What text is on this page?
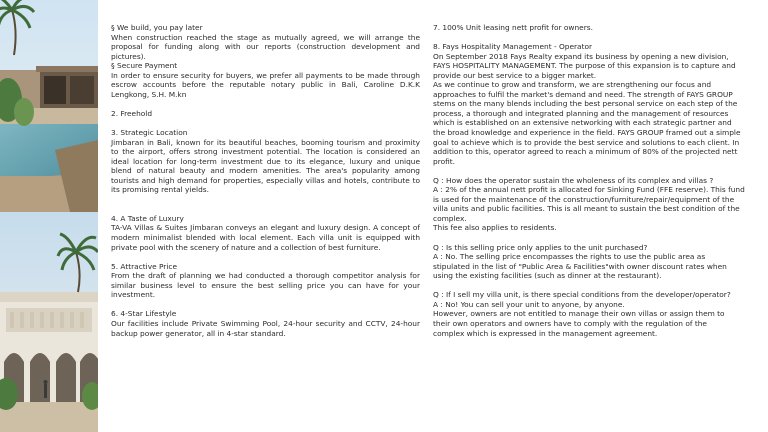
§ We build, you pay later

When construction reached the stage as mutually agreed, we will arrange the proposal for funding along with our reports (construction development and pictures).

§ Secure Payment

In order to ensure security for buyers, we prefer all payments to be made through escrow accounts before the reputable notary public in Bali, Caroline D.K.K Lengkong, S.H. M.kn

2. Freehold

3. Strategic Location

Jimbaran in Bali, known for its beautiful beaches, booming tourism and proximity to the airport, offers strong investment potential. The location is considered an ideal location for long-term investment due to its elegance, luxury and unique blend of natural beauty and modern amenities. The area's popularity among tourists and high demand for properties, especially villas and hotels, contribute to its promising rental yields.

4. A Taste of Luxury

TA-VA Villas & Suites Jimbaran conveys an elegant and luxury design. A concept of modern minimalist blended with local element. Each villa unit is equipped with private pool with the scenery of nature and a collection of best furniture.

5. Attractive Price

From the draft of planning we had conducted a thorough competitor analysis for similar business level to ensure the best selling price you can have for your investment.

6. 4-Star Lifestyle

Our facilities include Private Swimming Pool, 24-hour security and CCTV, 24-hour backup power generator, all in 4-star standard.

7. 100% Unit leasing nett profit for owners.

8. Fays Hospitality Management - Operator

On September 2018 Fays Realty expand its business by opening a new division,
FAYS HOSPITALITY MANAGEMENT. The purpose of this expansion is to capture and
provide our best service to a bigger market.

As we continue to grow and transform, we are strengthening our focus and
approaches to fulfil the market's demand and need. The strength of FAYS GROUP
stems on the many blends including the best personal service on each step of the
process, a thorough and integrated planning and the management of resources
which is established on an extensive networking with each strategic partner and
the broad knowledge and experience in the field. FAYS GROUP framed out a simple
goal to achieve which is to provide the best service and solutions to each client. In
addition to this, operator agreed to reach a minimum of 80% of the projected nett
profit.

Q : How does the operator sustain the wholeness of its complex and villas ?

A : 2% of the annual nett profit is allocated for Sinking Fund (FFE reserve). This fund
is used for the maintenance of the construction/furniture/repair/equipment of the
villa units and public facilities. This is all meant to sustain the best condition of the
complex.

This fee also applies to residents.

Q : Is this selling price only applies to the unit purchased?

A : No. The selling price encompasses the rights to use the public area as
stipulated in the list of "Public Area & Facilities"with owner discount rates when
using the existing facilities (such as dinner at the restaurant).

Q : If I sell my villa unit, is there special conditions from the developer/operator?

A : No! You can sell your unit to anyone, by anyone.

However, owners are not entitled to manage their own villas or assign them to
their own operators and owners have to comply with the regulation of the
complex which is expressed in the management agreement.
